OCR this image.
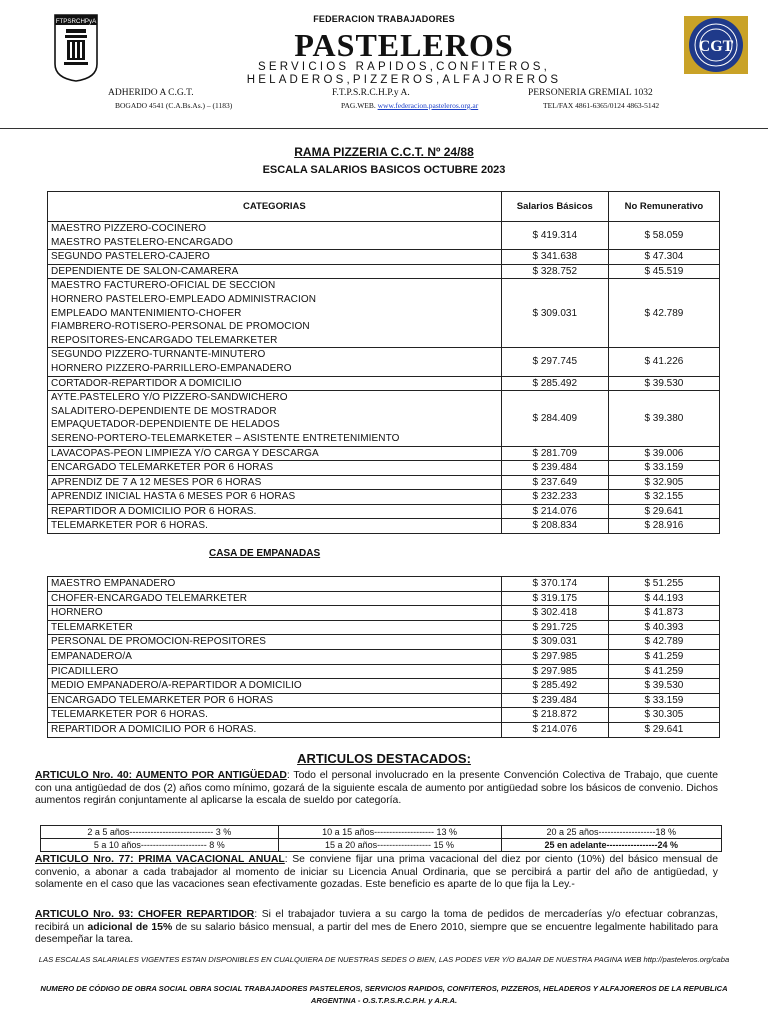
FTPSRCHPyA
CGT
FEDERACION TRABAJADORES
PASTELEROS
SERVICIOS RAPIDOS,CONFITEROS,
HELADEROS,PIZZEROS,ALFAJOREROS
ADHERIDO A C.G.T.	F.T.P.S.R.C.H.P.y A.	PERSONERIA GREMIAL 1032
BOGADO 4541 (C.A.Bs.As.) – (1183)	PAG.WEB. www.federacion.pasteleros.org.ar	TEL/FAX 4861-6365/0124 4863-5142
RAMA PIZZERIA C.C.T. Nº 24/88
ESCALA SALARIOS BASICOS OCTUBRE 2023
CATEGORIAS	Salarios Básicos	No Remunerativo

MAESTRO PIZZERO-COCINERO
MAESTRO PASTELERO-ENCARGADO	$ 419.314	$ 58.059

SEGUNDO PASTELERO-CAJERO	$ 341.638	$ 47.304

DEPENDIENTE DE SALON-CAMARERA	$ 328.752	$ 45.519

MAESTRO FACTURERO-OFICIAL DE SECCION
HORNERO PASTELERO-EMPLEADO ADMINISTRACION
EMPLEADO MANTENIMIENTO-CHOFER
FIAMBRERO-ROTISERO-PERSONAL DE PROMOCION
REPOSITORES-ENCARGADO TELEMARKETER	$ 309.031	$ 42.789

SEGUNDO PIZZERO-TURNANTE-MINUTERO
HORNERO PIZZERO-PARRILLERO-EMPANADERO	$ 297.745	$ 41.226

CORTADOR-REPARTIDOR A DOMICILIO	$ 285.492	$ 39.530

AYTE.PASTELERO Y/O PIZZERO-SANDWICHERO
SALADITERO-DEPENDIENTE DE MOSTRADOR
EMPAQUETADOR-DEPENDIENTE DE HELADOS
SERENO-PORTERO-TELEMARKETER – ASISTENTE ENTRETENIMIENTO	$ 284.409	$ 39.380

LAVACOPAS-PEON LIMPIEZA Y/O CARGA Y DESCARGA	$ 281.709	$ 39.006

ENCARGADO TELEMARKETER POR 6 HORAS	$ 239.484	$ 33.159

APRENDIZ DE 7 A 12 MESES POR 6 HORAS	$ 237.649	$ 32.905

APRENDIZ INICIAL HASTA 6 MESES POR 6 HORAS	$ 232.233	$ 32.155

REPARTIDOR A DOMICILIO POR 6 HORAS.	$ 214.076	$ 29.641

TELEMARKETER POR 6 HORAS.	$ 208.834	$ 28.916
CASA DE EMPANADAS
MAESTRO EMPANADERO	$ 370.174	$ 51.255
CHOFER-ENCARGADO TELEMARKETER	$ 319.175	$ 44.193
HORNERO	$ 302.418	$ 41.873
TELEMARKETER	$ 291.725	$ 40.393
PERSONAL DE PROMOCION-REPOSITORES	$ 309.031	$ 42.789
EMPANADERO/A	$ 297.985	$ 41.259
PICADILLERO	$ 297.985	$ 41.259
MEDIO EMPANADERO/A-REPARTIDOR A DOMICILIO	$ 285.492	$ 39.530
ENCARGADO TELEMARKETER POR 6 HORAS	$ 239.484	$ 33.159
TELEMARKETER POR 6 HORAS.	$ 218.872	$ 30.305
REPARTIDOR A DOMICILIO POR 6 HORAS.	$ 214.076	$ 29.641
ARTICULOS DESTACADOS:
ARTICULO Nro. 40: AUMENTO POR ANTIGÜEDAD: Todo el personal involucrado en la presente Convención Colectiva de Trabajo, que cuente con una antigüedad de dos (2) años como mínimo, gozará de la siguiente escala de aumento por antigüedad sobre los básicos de convenio. Dichos aumentos regirán conjuntamente al aplicarse la escala de sueldo por categoría.
2 a 5 años---------------------------- 3 %	10 a 15 años-------------------- 13 %	20 a 25 años-------------------18 %
5 a 10 años---------------------- 8 %	15 a 20 años------------------ 15 %	25 en adelante-----------------24 %
ARTICULO Nro. 77: PRIMA VACACIONAL ANUAL: Se conviene fijar una prima vacacional del diez por ciento (10%) del básico mensual de convenio, a abonar a cada trabajador al momento de iniciar su Licencia Anual Ordinaria, que se percibirá a partir del año de antigüedad, y solamente en el caso que las vacaciones sean efectivamente gozadas. Este beneficio es aparte de lo que fija la Ley.-
ARTICULO Nro. 93: CHOFER REPARTIDOR: Si el trabajador tuviera a su cargo la toma de pedidos de mercaderías y/o efectuar cobranzas, recibirá un adicional de 15% de su salario básico mensual, a partir del mes de Enero 2010, siempre que se encuentre legalmente habilitado para desempeñar la tarea.
LAS ESCALAS SALARIALES VIGENTES ESTAN DISPONIBLES EN CUALQUIERA DE NUESTRAS SEDES O BIEN, LAS PODES VER Y/O BAJAR DE NUESTRA PAGINA WEB http://pasteleros.org/caba
NUMERO DE CÓDIGO DE OBRA SOCIAL OBRA SOCIAL TRABAJADORES PASTELEROS, SERVICIOS RAPIDOS, CONFITEROS, PIZZEROS, HELADEROS Y ALFAJOREROS DE LA REPUBLICA ARGENTINA - O.S.T.P.S.R.C.P.H. y A.R.A.
